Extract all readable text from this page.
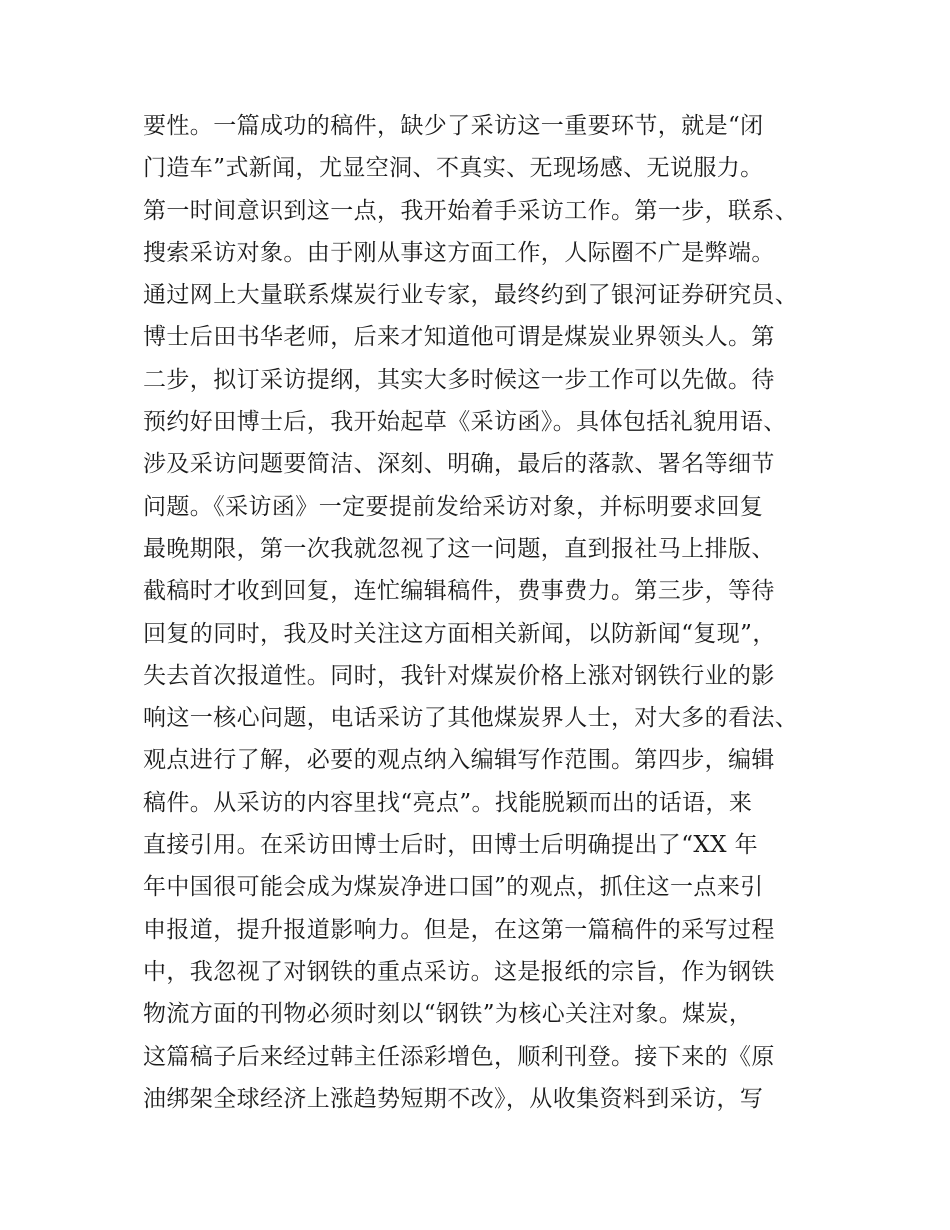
要性。一篇成功的稿件，缺少了采访这一重要环节，就是“闭
门造车”式新闻，尤显空洞、不真实、无现场感、无说服力。
第一时间意识到这一点，我开始着手采访工作。第一步，联系、
搜索采访对象。由于刚从事这方面工作，人际圈不广是弊端。
通过网上大量联系煤炭行业专家，最终约到了银河证券研究员、
博士后田书华老师，后来才知道他可谓是煤炭业界领头人。第
二步，拟订采访提纲，其实大多时候这一步工作可以先做。待
预约好田博士后，我开始起草《采访函》。具体包括礼貌用语、
涉及采访问题要简洁、深刻、明确，最后的落款、署名等细节
问题。《采访函》一定要提前发给采访对象，并标明要求回复
最晚期限，第一次我就忽视了这一问题，直到报社马上排版、
截稿时才收到回复，连忙编辑稿件，费事费力。第三步，等待
回复的同时，我及时关注这方面相关新闻，以防新闻“复现”，
失去首次报道性。同时，我针对煤炭价格上涨对钢铁行业的影
响这一核心问题，电话采访了其他煤炭界人士，对大多的看法、
观点进行了解，必要的观点纳入编辑写作范围。第四步，编辑
稿件。从采访的内容里找“亮点”。找能脱颖而出的话语，来
直接引用。在采访田博士后时，田博士后明确提出了“XX 年
年中国很可能会成为煤炭净进口国”的观点，抓住这一点来引
申报道，提升报道影响力。但是，在这第一篇稿件的采写过程
中，我忽视了对钢铁的重点采访。这是报纸的宗旨，作为钢铁
物流方面的刊物必须时刻以“钢铁”为核心关注对象。煤炭，
这篇稿子后来经过韩主任添彩增色，顺利刊登。接下来的《原
油绑架全球经济上涨趋势短期不改》，从收集资料到采访，写
